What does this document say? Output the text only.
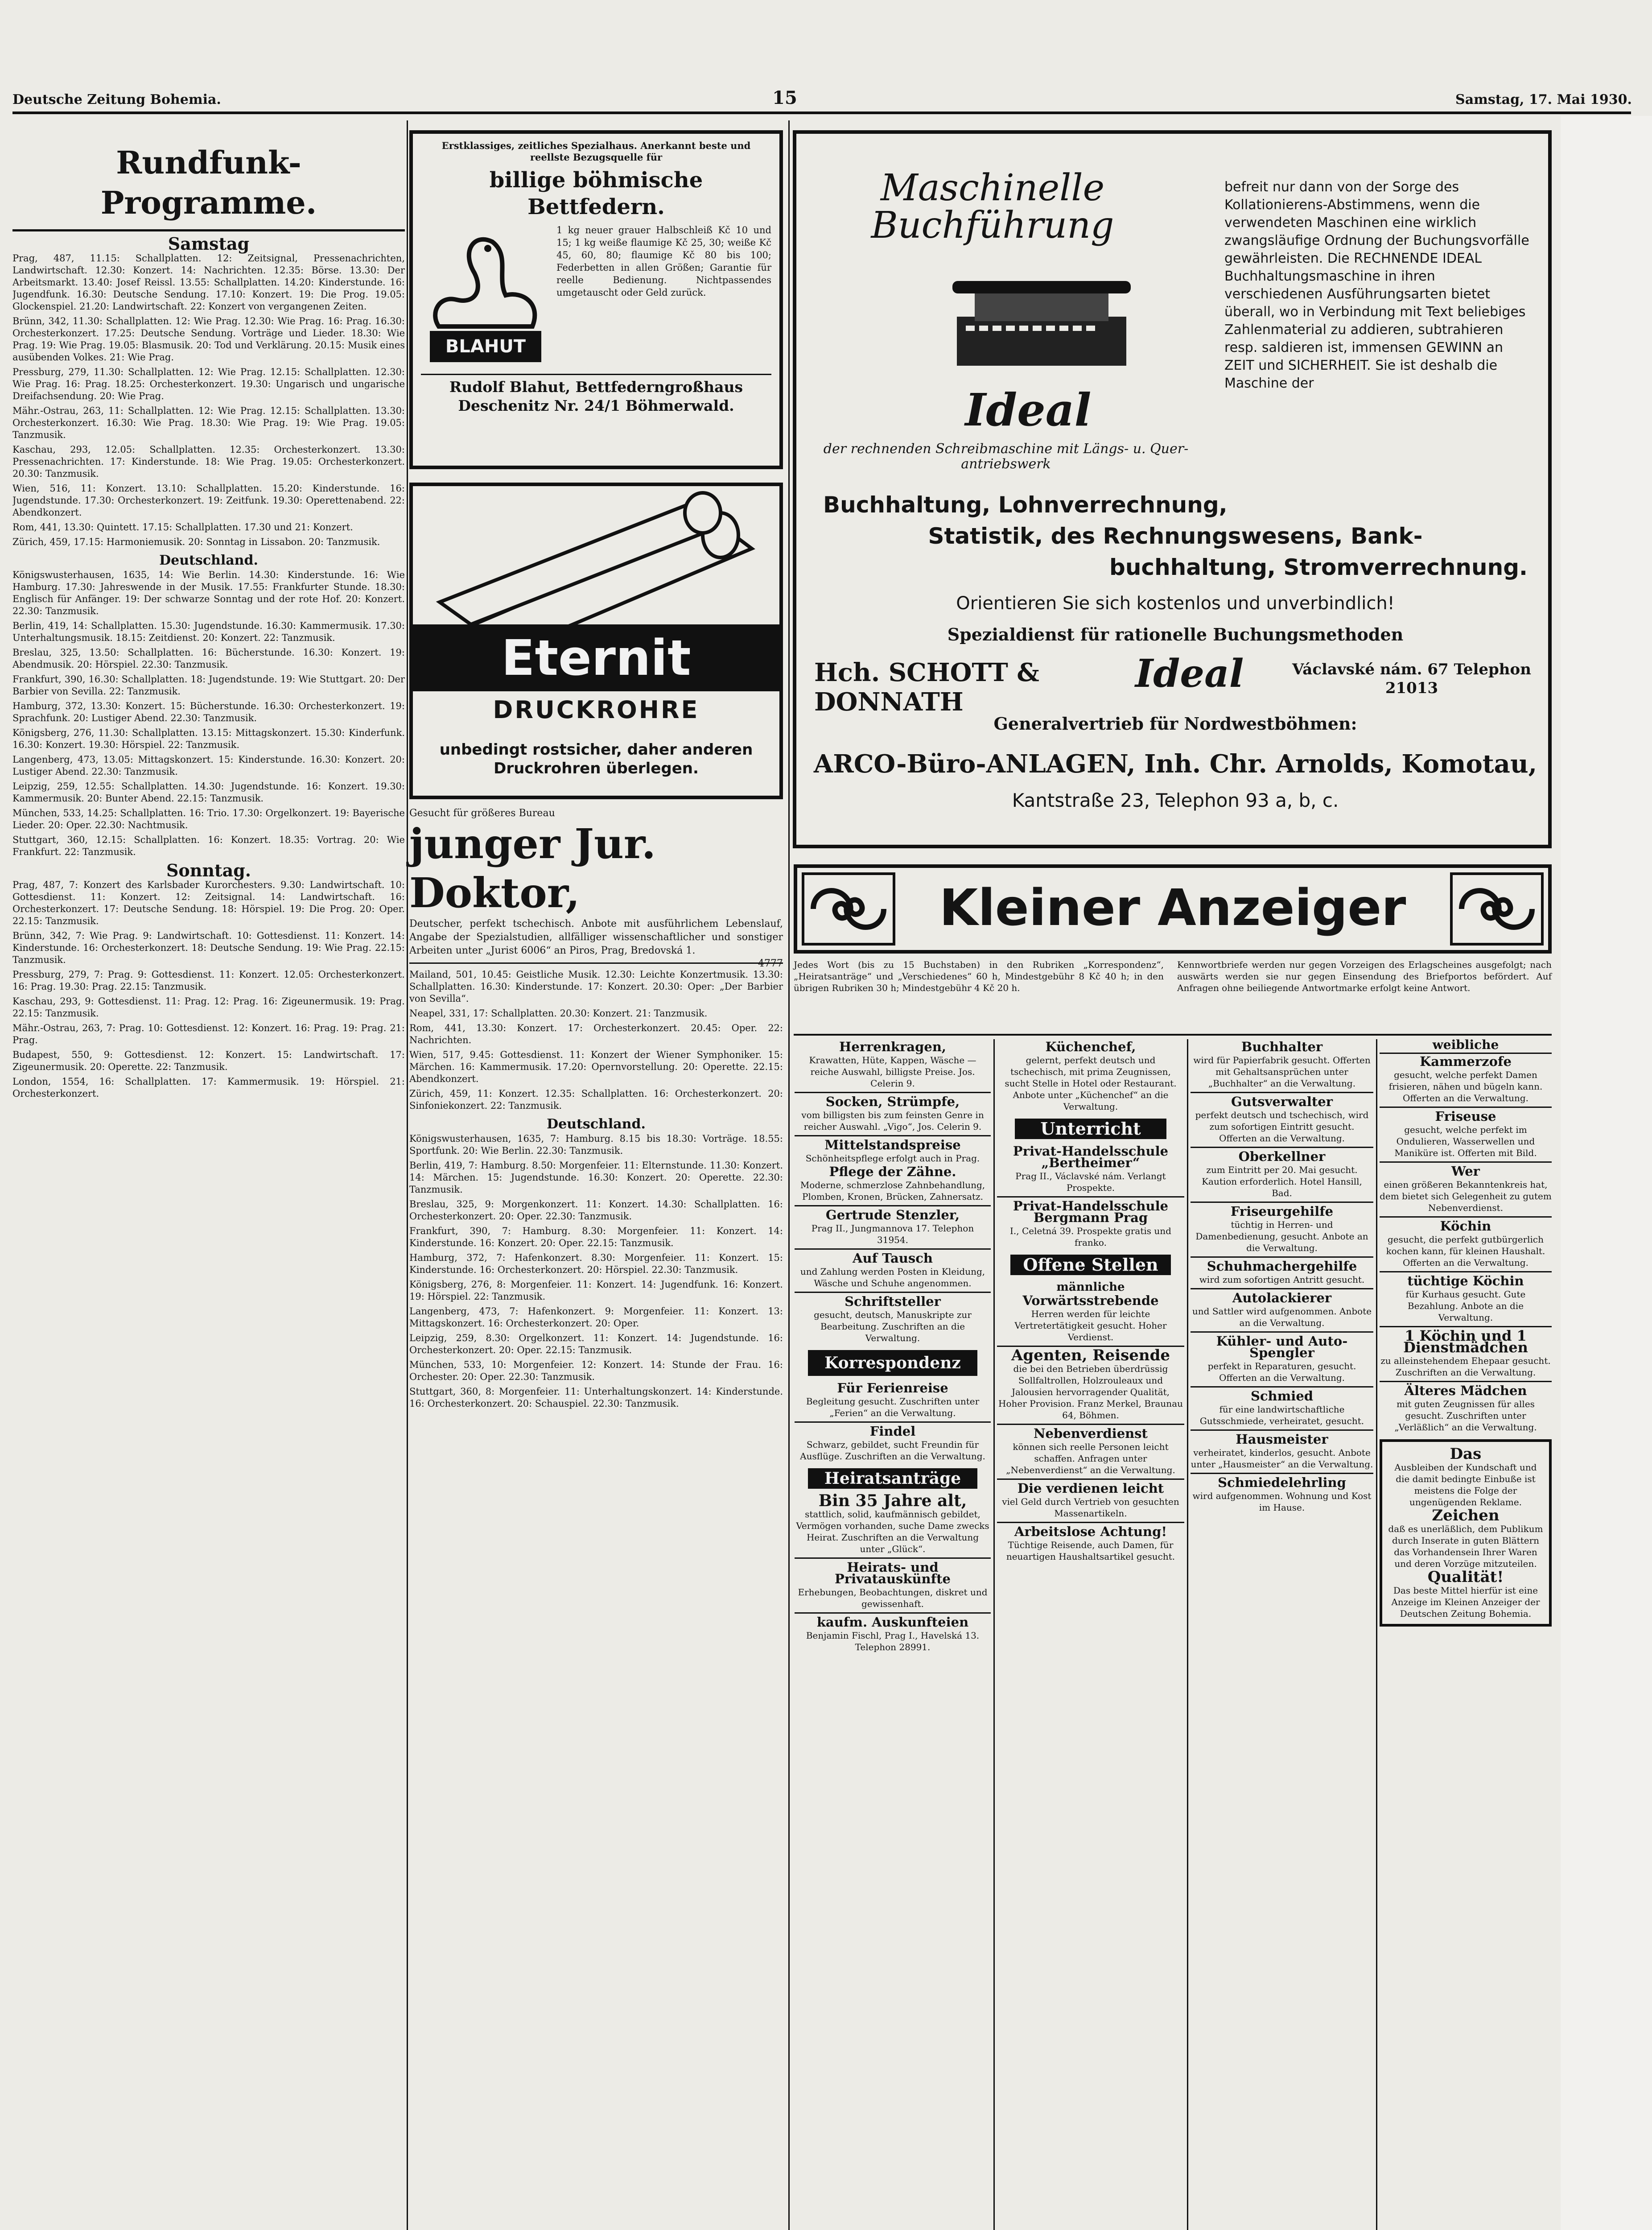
Deutsche Zeitung Bohemia.	15	Samstag, 17. Mai 1930.
Rundfunk-Programme.
Samstag

Prag, 487, 11.15: Schallplatten. 12: Zeitsignal, Pressenachrichten, Landwirtschaft. 12.30: Konzert. 14: Nachrichten. 12.35: Börse. 13.30: Der Arbeitsmarkt. 13.40: Josef Reissl. 13.55: Schallplatten. 14.20: Kinderstunde. 16: Jugendfunk. 16.30: Deutsche Sendung. 17.10: Konzert. 19: Die Prog. 19.05: Glockenspiel. 21.20: Landwirtschaft. 22: Konzert von vergangenen Zeiten.

Brünn, 342, 11.30: Schallplatten. 12: Wie Prag. 12.30: Wie Prag. 16: Prag. 16.30: Orchesterkonzert. 17.25: Deutsche Sendung. Vorträge und Lieder. 18.30: Wie Prag. 19: Wie Prag. 19.05: Blasmusik. 20: Tod und Verklärung. 20.15: Musik eines ausübenden Volkes. 21: Wie Prag.

Pressburg, 279, 11.30: Schallplatten. 12: Wie Prag. 12.15: Schallplatten. 12.30: Wie Prag. 16: Prag. 18.25: Orchesterkonzert. 19.30: Ungarisch und ungarische Dreifachsendung. 20: Wie Prag.

Mähr.-Ostrau, 263, 11: Schallplatten. 12: Wie Prag. 12.15: Schallplatten. 13.30: Orchesterkonzert. 16.30: Wie Prag. 18.30: Wie Prag. 19: Wie Prag. 19.05: Tanzmusik.

Kaschau, 293, 12.05: Schallplatten. 12.35: Orchesterkonzert. 13.30: Pressenachrichten. 17: Kinderstunde. 18: Wie Prag. 19.05: Orchesterkonzert. 20.30: Tanzmusik.

Wien, 516, 11: Konzert. 13.10: Schallplatten. 15.20: Kinderstunde. 16: Jugendstunde. 17.30: Orchesterkonzert. 19: Zeitfunk. 19.30: Operettenabend. 22: Abendkonzert.

Rom, 441, 13.30: Quintett. 17.15: Schallplatten. 17.30 und 21: Konzert.

Zürich, 459, 17.15: Harmoniemusik. 20: Sonntag in Lissabon. 20: Tanzmusik.

Deutschland.

Königswusterhausen, 1635, 14: Wie Berlin. 14.30: Kinderstunde. 16: Wie Hamburg. 17.30: Jahreswende in der Musik. 17.55: Frankfurter Stunde. 18.30: Englisch für Anfänger. 19: Der schwarze Sonntag und der rote Hof. 20: Konzert. 22.30: Tanzmusik.

Berlin, 419, 14: Schallplatten. 15.30: Jugendstunde. 16.30: Kammermusik. 17.30: Unterhaltungsmusik. 18.15: Zeitdienst. 20: Konzert. 22: Tanzmusik.

Breslau, 325, 13.50: Schallplatten. 16: Bücherstunde. 16.30: Konzert. 19: Abendmusik. 20: Hörspiel. 22.30: Tanzmusik.

Frankfurt, 390, 16.30: Schallplatten. 18: Jugendstunde. 19: Wie Stuttgart. 20: Der Barbier von Sevilla. 22: Tanzmusik.

Hamburg, 372, 13.30: Konzert. 15: Bücherstunde. 16.30: Orchesterkonzert. 19: Sprachfunk. 20: Lustiger Abend. 22.30: Tanzmusik.

Königsberg, 276, 11.30: Schallplatten. 13.15: Mittagskonzert. 15.30: Kinderfunk. 16.30: Konzert. 19.30: Hörspiel. 22: Tanzmusik.

Langenberg, 473, 13.05: Mittagskonzert. 15: Kinderstunde. 16.30: Konzert. 20: Lustiger Abend. 22.30: Tanzmusik.

Leipzig, 259, 12.55: Schallplatten. 14.30: Jugendstunde. 16: Konzert. 19.30: Kammermusik. 20: Bunter Abend. 22.15: Tanzmusik.

München, 533, 14.25: Schallplatten. 16: Trio. 17.30: Orgelkonzert. 19: Bayerische Lieder. 20: Oper. 22.30: Nachtmusik.

Stuttgart, 360, 12.15: Schallplatten. 16: Konzert. 18.35: Vortrag. 20: Wie Frankfurt. 22: Tanzmusik.

Sonntag.

Prag, 487, 7: Konzert des Karlsbader Kurorchesters. 9.30: Landwirtschaft. 10: Gottesdienst. 11: Konzert. 12: Zeitsignal. 14: Landwirtschaft. 16: Orchesterkonzert. 17: Deutsche Sendung. 18: Hörspiel. 19: Die Prog. 20: Oper. 22.15: Tanzmusik.

Brünn, 342, 7: Wie Prag. 9: Landwirtschaft. 10: Gottesdienst. 11: Konzert. 14: Kinderstunde. 16: Orchesterkonzert. 18: Deutsche Sendung. 19: Wie Prag. 22.15: Tanzmusik.

Pressburg, 279, 7: Prag. 9: Gottesdienst. 11: Konzert. 12.05: Orchesterkonzert. 16: Prag. 19.30: Prag. 22.15: Tanzmusik.

Kaschau, 293, 9: Gottesdienst. 11: Prag. 12: Prag. 16: Zigeunermusik. 19: Prag. 22.15: Tanzmusik.

Mähr.-Ostrau, 263, 7: Prag. 10: Gottesdienst. 12: Konzert. 16: Prag. 19: Prag. 21: Prag.

Budapest, 550, 9: Gottesdienst. 12: Konzert. 15: Landwirtschaft. 17: Zigeunermusik. 20: Operette. 22: Tanzmusik.

London, 1554, 16: Schallplatten. 17: Kammermusik. 19: Hörspiel. 21: Orchesterkonzert.

Erstklassiges, zeitliches Spezialhaus. Anerkannt beste und reellste Bezugsquelle für
billige böhmische Bettfedern.
BLAHUT
1 kg neuer grauer Halbschleiß Kč 10 und 15; 1 kg weiße flaumige Kč 25, 30; weiße Kč 45, 60, 80; flaumige Kč 80 bis 100; Federbetten in allen Größen; Garantie für reelle Bedienung. Nichtpassendes umgetauscht oder Geld zurück.
Rudolf Blahut, Bettfederngroßhaus Deschenitz Nr. 24/1 Böhmerwald.
Eternit
DRUCKROHRE
unbedingt rostsicher, daher anderen Druckrohren überlegen.
Gesucht für größeres Bureau
junger Jur. Doktor,
Deutscher, perfekt tschechisch. Anbote mit ausführlichem Lebenslauf, Angabe der Spezialstudien, allfälliger wissenschaftlicher und sonstiger Arbeiten unter „Jurist 6006“ an Piros, Prag, Bredovská 1.

Mailand, 501, 10.45: Geistliche Musik. 12.30: Leichte Konzertmusik. 13.30: Schallplatten. 16.30: Kinderstunde. 17: Konzert. 20.30: Oper: „Der Barbier von Sevilla“.

Neapel, 331, 17: Schallplatten. 20.30: Konzert. 21: Tanzmusik.

Rom, 441, 13.30: Konzert. 17: Orchesterkonzert. 20.45: Oper. 22: Nachrichten.

Wien, 517, 9.45: Gottesdienst. 11: Konzert der Wiener Symphoniker. 15: Märchen. 16: Kammermusik. 17.20: Opernvorstellung. 20: Operette. 22.15: Abendkonzert.

Zürich, 459, 11: Konzert. 12.35: Schallplatten. 16: Orchesterkonzert. 20: Sinfoniekonzert. 22: Tanzmusik.

Deutschland.

Königswusterhausen, 1635, 7: Hamburg. 8.15 bis 18.30: Vorträge. 18.55: Sportfunk. 20: Wie Berlin. 22.30: Tanzmusik.

Berlin, 419, 7: Hamburg. 8.50: Morgenfeier. 11: Elternstunde. 11.30: Konzert. 14: Märchen. 15: Jugendstunde. 16.30: Konzert. 20: Operette. 22.30: Tanzmusik.

Breslau, 325, 9: Morgenkonzert. 11: Konzert. 14.30: Schallplatten. 16: Orchesterkonzert. 20: Oper. 22.30: Tanzmusik.

Frankfurt, 390, 7: Hamburg. 8.30: Morgenfeier. 11: Konzert. 14: Kinderstunde. 16: Konzert. 20: Oper. 22.15: Tanzmusik.

Hamburg, 372, 7: Hafenkonzert. 8.30: Morgenfeier. 11: Konzert. 15: Kinderstunde. 16: Orchesterkonzert. 20: Hörspiel. 22.30: Tanzmusik.

Königsberg, 276, 8: Morgenfeier. 11: Konzert. 14: Jugendfunk. 16: Konzert. 19: Hörspiel. 22: Tanzmusik.

Langenberg, 473, 7: Hafenkonzert. 9: Morgenfeier. 11: Konzert. 13: Mittagskonzert. 16: Orchesterkonzert. 20: Oper.

Leipzig, 259, 8.30: Orgelkonzert. 11: Konzert. 14: Jugendstunde. 16: Orchesterkonzert. 20: Oper. 22.15: Tanzmusik.

München, 533, 10: Morgenfeier. 12: Konzert. 14: Stunde der Frau. 16: Orchester. 20: Oper. 22.30: Tanzmusik.

Stuttgart, 360, 8: Morgenfeier. 11: Unterhaltungskonzert. 14: Kinderstunde. 16: Orchesterkonzert. 20: Schauspiel. 22.30: Tanzmusik.

Maschinelle Buchführung
Ideal
der rechnenden Schreibmaschine mit Längs- u. Quer-antriebswerk
befreit nur dann von der Sorge des Kollationierens-Abstimmens, wenn die verwendeten Maschinen eine wirklich zwangsläufige Ordnung der Buchungsvorfälle gewährleisten. Die RECHNENDE IDEAL Buchhaltungsmaschine in ihren verschiedenen Ausführungsarten bietet überall, wo in Verbindung mit Text beliebiges Zahlenmaterial zu addieren, subtrahieren resp. saldieren ist, immensen GEWINN an ZEIT und SICHERHEIT. Sie ist deshalb die Maschine der
Buchhaltung, Lohnverrechnung,
Statistik, des Rechnungswesens, Bank-
buchhaltung, Stromverrechnung.
Orientieren Sie sich kostenlos und unverbindlich!
Spezialdienst für rationelle Buchungsmethoden
Hch. SCHOTT & DONNATH
Ideal	Václavské nám. 67 Telephon 21013
Generalvertrieb für Nordwestböhmen:
ARCO-Büro-ANLAGEN, Inh. Chr. Arnolds, Komotau,
Kantstraße 23, Telephon 93 a, b, c.
Kleiner Anzeiger
Jedes Wort (bis zu 15 Buchstaben) in den Rubriken „Korrespondenz“, „Heiratsanträge“ und „Verschiedenes“ 60 h, Mindestgebühr 8 Kč 40 h; in den übrigen Rubriken 30 h; Mindestgebühr 4 Kč 20 h.
Kennwortbriefe werden nur gegen Vorzeigen des Erlagscheines ausgefolgt; nach auswärts werden sie nur gegen Einsendung des Briefportos befördert. Auf Anfragen ohne beiliegende Antwortmarke erfolgt keine Antwort.
Herrenkragen,
Krawatten, Hüte, Kappen, Wäsche — reiche Auswahl, billigste Preise. Jos. Celerin 9.
Socken, Strümpfe,
vom billigsten bis zum feinsten Genre in reicher Auswahl. „Vigo“, Jos. Celerin 9.
Mittelstandspreise
Schönheitspflege erfolgt auch in Prag.
Pflege der Zähne.
Moderne, schmerzlose Zahnbehandlung, Plomben, Kronen, Brücken, Zahnersatz.
Gertrude Stenzler,
Prag II., Jungmannova 17. Telephon 31954.
Auf Tausch
und Zahlung werden Posten in Kleidung, Wäsche und Schuhe angenommen.
Schriftsteller
gesucht, deutsch, Manuskripte zur Bearbeitung. Zuschriften an die Verwaltung.
Korrespondenz
Für Ferienreise
Begleitung gesucht. Zuschriften unter „Ferien“ an die Verwaltung.
Findel
Schwarz, gebildet, sucht Freundin für Ausflüge. Zuschriften an die Verwaltung.
Heiratsanträge
Bin 35 Jahre alt,
stattlich, solid, kaufmännisch gebildet, Vermögen vorhanden, suche Dame zwecks Heirat. Zuschriften an die Verwaltung unter „Glück“.
Heirats- und Privatauskünfte
Erhebungen, Beobachtungen, diskret und gewissenhaft.
kaufm. Auskunfteien
Benjamin Fischl, Prag I., Havelská 13. Telephon 28991.
Küchenchef,
gelernt, perfekt deutsch und tschechisch, mit prima Zeugnissen, sucht Stelle in Hotel oder Restaurant. Anbote unter „Küchenchef“ an die Verwaltung.
Unterricht
Privat-Handelsschule „Bertheimer“
Prag II., Václavské nám. Verlangt Prospekte.
Privat-Handelsschule Bergmann Prag
I., Celetná 39. Prospekte gratis und franko.
Offene Stellen
männliche
Vorwärtsstrebende
Herren werden für leichte Vertretertätigkeit gesucht. Hoher Verdienst.
Agenten, Reisende
die bei den Betrieben überdrüssig Sollfaltrollen, Holzrouleaux und Jalousien hervorragender Qualität, Hoher Provision. Franz Merkel, Braunau 64, Böhmen.
Nebenverdienst
können sich reelle Personen leicht schaffen. Anfragen unter „Nebenverdienst“ an die Verwaltung.
Die verdienen leicht
viel Geld durch Vertrieb von gesuchten Massenartikeln.
Arbeitslose Achtung!
Tüchtige Reisende, auch Damen, für neuartigen Haushaltsartikel gesucht.
Buchhalter
wird für Papierfabrik gesucht. Offerten mit Gehaltsansprüchen unter „Buchhalter“ an die Verwaltung.
Gutsverwalter
perfekt deutsch und tschechisch, wird zum sofortigen Eintritt gesucht. Offerten an die Verwaltung.
Oberkellner
zum Eintritt per 20. Mai gesucht. Kaution erforderlich. Hotel Hansill, Bad.
Friseurgehilfe
tüchtig in Herren- und Damenbedienung, gesucht. Anbote an die Verwaltung.
Schuhmachergehilfe
wird zum sofortigen Antritt gesucht.
Autolackierer
und Sattler wird aufgenommen. Anbote an die Verwaltung.
Kühler- und Auto-Spengler
perfekt in Reparaturen, gesucht. Offerten an die Verwaltung.
Schmied
für eine landwirtschaftliche Gutsschmiede, verheiratet, gesucht.
Hausmeister
verheiratet, kinderlos, gesucht. Anbote unter „Hausmeister“ an die Verwaltung.
Schmiedelehrling
wird aufgenommen. Wohnung und Kost im Hause.
weibliche
Kammerzofe
gesucht, welche perfekt Damen frisieren, nähen und bügeln kann. Offerten an die Verwaltung.
Friseuse
gesucht, welche perfekt im Ondulieren, Wasserwellen und Maniküre ist. Offerten mit Bild.
Wer
einen größeren Bekanntenkreis hat, dem bietet sich Gelegenheit zu gutem Nebenverdienst.
Köchin
gesucht, die perfekt gutbürgerlich kochen kann, für kleinen Haushalt. Offerten an die Verwaltung.
tüchtige Köchin
für Kurhaus gesucht. Gute Bezahlung. Anbote an die Verwaltung.
1 Köchin und 1 Dienstmädchen
zu alleinstehendem Ehepaar gesucht. Zuschriften an die Verwaltung.
Älteres Mädchen
mit guten Zeugnissen für alles gesucht. Zuschriften unter „Verläßlich“ an die Verwaltung.
Das
Ausbleiben der Kundschaft und die damit bedingte Einbuße ist meistens die Folge der ungenügenden Reklame.
Zeichen
daß es unerläßlich, dem Publikum durch Inserate in guten Blättern das Vorhandensein Ihrer Waren und deren Vorzüge mitzuteilen.
Qualität!
Das beste Mittel hierfür ist eine Anzeige im Kleinen Anzeiger der Deutschen Zeitung Bohemia.
